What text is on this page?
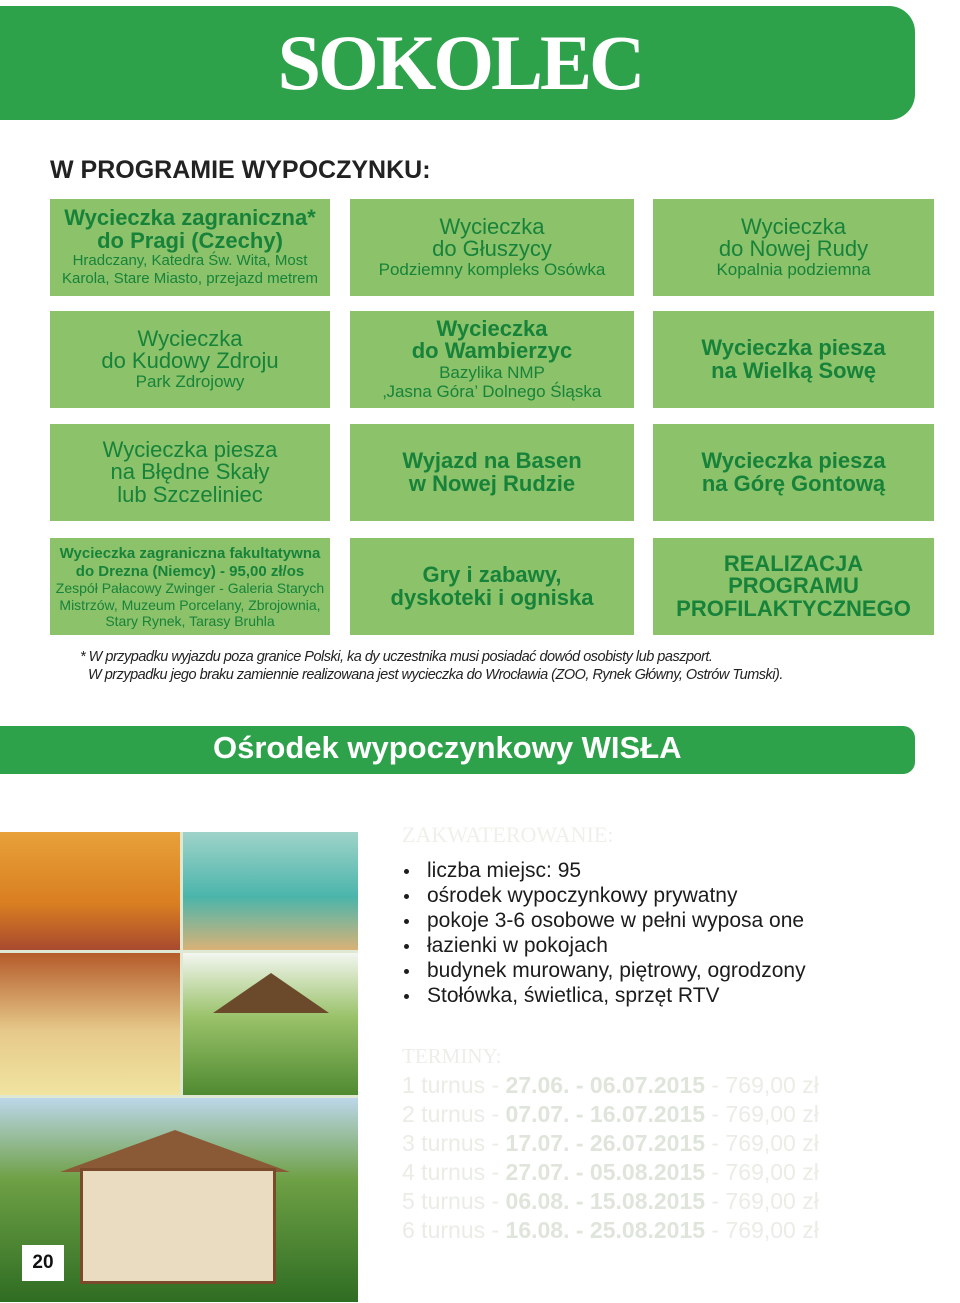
SOKOLEC
W PROGRAMIE WYPOCZYNKU:
Wycieczka zagraniczna*
do Pragi (Czechy)
Hradczany, Katedra Św. Wita, Most
Karola, Stare Miasto, przejazd metrem
Wycieczka
do Głuszycy
Podziemny kompleks Osówka
Wycieczka
do Nowej Rudy
Kopalnia podziemna
Wycieczka
do Kudowy Zdroju
Park Zdrojowy
Wycieczka
do Wambierzyc
Bazylika NMP
‚Jasna Góra’ Dolnego Śląska
Wycieczka piesza
na Wielką Sowę
Wycieczka piesza
na Błędne Skały
lub Szczeliniec
Wyjazd na Basen
w Nowej Rudzie
Wycieczka piesza
na Górę Gontową
Wycieczka zagraniczna fakultatywna
do Drezna (Niemcy) - 95,00 zł/os
Zespół Pałacowy Zwinger - Galeria Starych
Mistrzów, Muzeum Porcelany, Zbrojownia,
Stary Rynek, Tarasy Bruhla
Gry i zabawy,
dyskoteki i ogniska
REALIZACJA
PROGRAMU
PROFILAKTYCZNEGO

* W przypadku wyjazdu poza granice Polski, ka dy uczestnika musi posiadać dowód osobisty lub paszport.

W przypadku jego braku zamiennie realizowana jest wycieczka do Wrocławia (ZOO, Rynek Główny, Ostrów Tumski).

Ośrodek wypoczynkowy WISŁA
20
ZAKWATEROWANIE:
liczba miejsc: 95
ośrodek wypoczynkowy prywatny
pokoje 3-6 osobowe w pełni wyposa one
łazienki w pokojach
budynek murowany, piętrowy, ogrodzony
Stołówka, świetlica, sprzęt RTV
TERMINY:
1 turnus - 27.06. - 06.07.2015 - 769,00 zł
2 turnus - 07.07. - 16.07.2015 - 769,00 zł
3 turnus - 17.07. - 26.07.2015 - 769,00 zł
4 turnus - 27.07. - 05.08.2015 - 769,00 zł
5 turnus - 06.08. - 15.08.2015 - 769,00 zł
6 turnus - 16.08. - 25.08.2015 - 769,00 zł
